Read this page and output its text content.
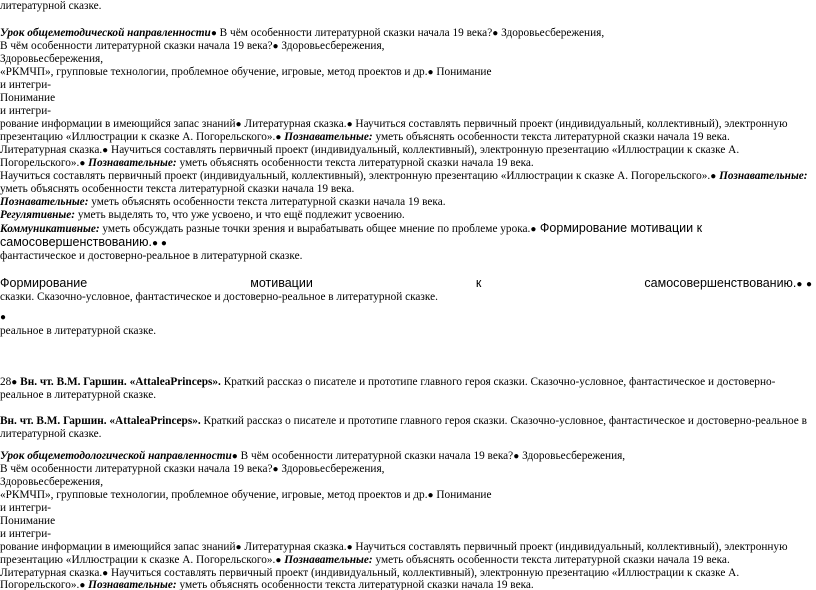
литературной сказке.
Урок общеметодической направленности● В чём особенности литературной сказки начала 19 века?● Здоровьесбережения,
В чём особенности литературной сказки начала 19 века?● Здоровьесбережения,
Здоровьесбережения,
«РКМЧП», групповые технологии, проблемное обучение, игровые, метод проектов и др.● Понимание
и интегри-
Понимание
и интегри-
рование информации в имеющийся запас знаний● Литературная сказка.● Научиться составлять первичный проект (индивидуальный, коллективный), электронную
презентацию «Иллюстрации к сказке А. Погорельского».● Познавательные: уметь объяснять особенности текста литературной сказки начала 19 века.
Литературная сказка.● Научиться составлять первичный проект (индивидуальный, коллективный), электронную презентацию «Иллюстрации к сказке А.
Погорельского».● Познавательные: уметь объяснять особенности текста литературной сказки начала 19 века.
Научиться составлять первичный проект (индивидуальный, коллективный), электронную презентацию «Иллюстрации к сказке А. Погорельского».● Познавательные:
уметь объяснять особенности текста литературной сказки начала 19 века.
Познавательные: уметь объяснять особенности текста литературной сказки начала 19 века.
Регулятивные: уметь выделять то, что уже усвоено, и что ещё подлежит усвоению.
Коммуникативные: уметь обсуждать разные точки зрения и вырабатывать общее мнение по проблеме урока.● Формирование мотивации к
самосовершенствованию.● ●
фантастическое и достоверно-реальное в литературной сказке.
Формирование	мотивации	к	самосовершенствованию.● ●
сказки. Сказочно-условное, фантастическое и достоверно-реальное в литературной сказке.
●
реальное в литературной сказке.
28● Вн. чт. В.М. Гаршин. «AttaleaPrinceps». Краткий рассказ о писателе и прототипе главного героя сказки. Сказочно-условное, фантастическое и достоверно-
реальное в литературной сказке.
Вн. чт. В.М. Гаршин. «AttaleaPrinceps». Краткий рассказ о писателе и прототипе главного героя сказки. Сказочно-условное, фантастическое и достоверно-реальное в
литературной сказке.
Урок общеметодологической направленности● В чём особенности литературной сказки начала 19 века?● Здоровьесбережения,
В чём особенности литературной сказки начала 19 века?● Здоровьесбережения,
Здоровьесбережения,
«РКМЧП», групповые технологии, проблемное обучение, игровые, метод проектов и др.● Понимание
и интегри-
Понимание
и интегри-
рование информации в имеющийся запас знаний● Литературная сказка.● Научиться составлять первичный проект (индивидуальный, коллективный), электронную
презентацию «Иллюстрации к сказке А. Погорельского».● Познавательные: уметь объяснять особенности текста литературной сказки начала 19 века.
Литературная сказка.● Научиться составлять первичный проект (индивидуальный, коллективный), электронную презентацию «Иллюстрации к сказке А.
Погорельского».● Познавательные: уметь объяснять особенности текста литературной сказки начала 19 века.
